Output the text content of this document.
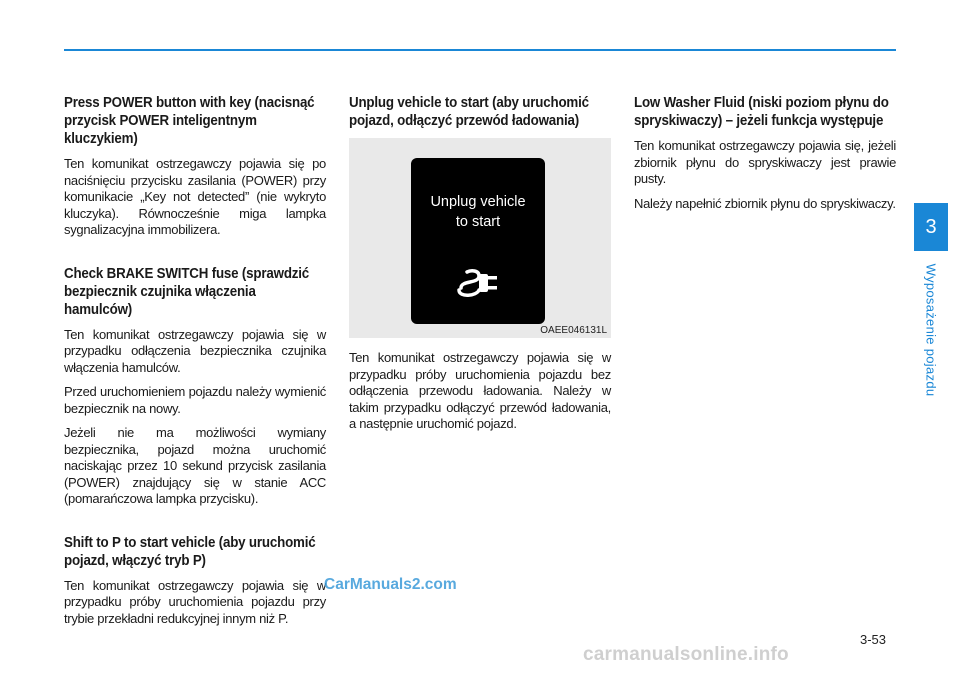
Press POWER button with key (nacisnąć przycisk POWER inteligentnym kluczykiem)

Ten komunikat ostrzegawczy pojawia się po naciśnięciu przycisku zasilania (POWER) przy komunikacie „Key not detected” (nie wykryto kluczyka). Równocześnie miga lampka sygnalizacyjna immobilizera.

Check BRAKE SWITCH fuse (sprawdzić bezpiecznik czujnika włączenia hamulców)

Ten komunikat ostrzegawczy pojawia się w przypadku odłączenia bezpiecznika czujnika włączenia hamulców.

Przed uruchomieniem pojazdu należy wymienić bezpiecznik na nowy.

Jeżeli nie ma możliwości wymiany bezpiecznika, pojazd można uruchomić naciskając przez 10 sekund przycisk zasilania (POWER) znajdujący się w stanie ACC (pomarańczowa lampka przycisku).

Shift to P to start vehicle (aby uruchomić pojazd, włączyć tryb P)

Ten komunikat ostrzegawczy pojawia się w przypadku próby uruchomienia pojazdu przy trybie przekładni redukcyjnej innym niż P.

Unplug vehicle to start (aby uruchomić pojazd, odłączyć przewód ładowania)
Unplug vehicle
to start
OAEE046131L

Ten komunikat ostrzegawczy pojawia się w przypadku próby uruchomienia pojazdu bez odłączenia przewodu ładowania. Należy w takim przypadku odłączyć przewód ładowania, a następnie uruchomić pojazd.

Low Washer Fluid (niski poziom płynu do spryskiwaczy) – jeżeli funkcja występuje

Ten komunikat ostrzegawczy pojawia się, jeżeli zbiornik płynu do spryskiwaczy jest prawie pusty.

Należy napełnić zbiornik płynu do spryskiwaczy.

3
Wyposażenie pojazdu
3-53
CarManuals2.com
carmanualsonline.info
